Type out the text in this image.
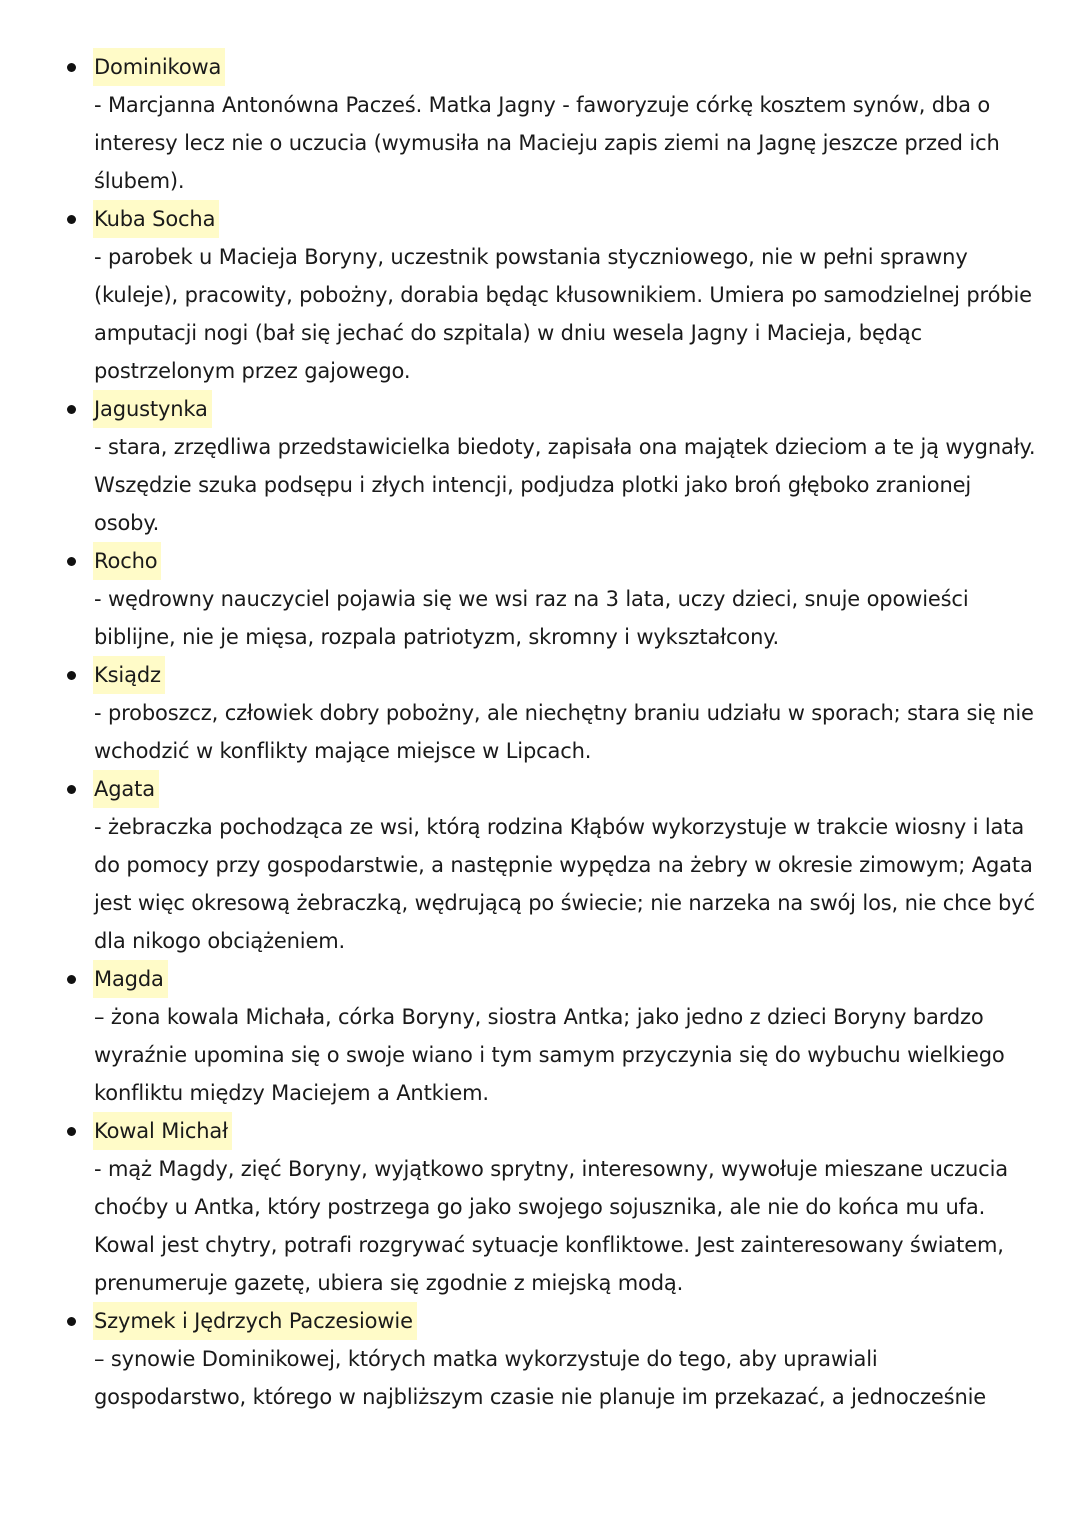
Dominikowa

- Marcjanna Antonówna Pacześ. Matka Jagny - faworyzuje córkę kosztem synów, dba o interesy lecz nie o uczucia (wymusiła na Macieju zapis ziemi na Jagnę jeszcze przed ich ślubem).

Kuba Socha

- parobek u Macieja Boryny, uczestnik powstania styczniowego, nie w pełni sprawny (kuleje), pracowity, pobożny, dorabia będąc kłusownikiem. Umiera po samodzielnej próbie amputacji nogi (bał się jechać do szpitala) w dniu wesela Jagny i Macieja, będąc postrzelonym przez gajowego.

Jagustynka

- stara, zrzędliwa przedstawicielka biedoty, zapisała ona majątek dzieciom a te ją wygnały. Wszędzie szuka podsępu i złych intencji, podjudza plotki jako broń głęboko zranionej osoby.

Rocho

- wędrowny nauczyciel pojawia się we wsi raz na 3 lata, uczy dzieci, snuje opowieści biblijne, nie je mięsa, rozpala patriotyzm, skromny i wykształcony.

Ksiądz

- proboszcz, człowiek dobry pobożny, ale niechętny braniu udziału w sporach; stara się nie wchodzić w konflikty mające miejsce w Lipcach.

Agata

- żebraczka pochodząca ze wsi, którą rodzina Kłąbów wykorzystuje w trakcie wiosny i lata do pomocy przy gospodarstwie, a następnie wypędza na żebry w okresie zimowym; Agata jest więc okresową żebraczką, wędrującą po świecie; nie narzeka na swój los, nie chce być dla nikogo obciążeniem.

Magda

– żona kowala Michała, córka Boryny, siostra Antka; jako jedno z dzieci Boryny bardzo wyraźnie upomina się o swoje wiano i tym samym przyczynia się do wybuchu wielkiego konfliktu między Maciejem a Antkiem.

Kowal Michał

- mąż Magdy, zięć Boryny, wyjątkowo sprytny, interesowny, wywołuje mieszane uczucia choćby u Antka, który postrzega go jako swojego sojusznika, ale nie do końca mu ufa. Kowal jest chytry, potrafi rozgrywać sytuacje konfliktowe. Jest zainteresowany światem, prenumeruje gazetę, ubiera się zgodnie z miejską modą.

Szymek i Jędrzych Paczesiowie

– synowie Dominikowej, których matka wykorzystuje do tego, aby uprawiali gospodarstwo, którego w najbliższym czasie nie planuje im przekazać, a jednocześnie
